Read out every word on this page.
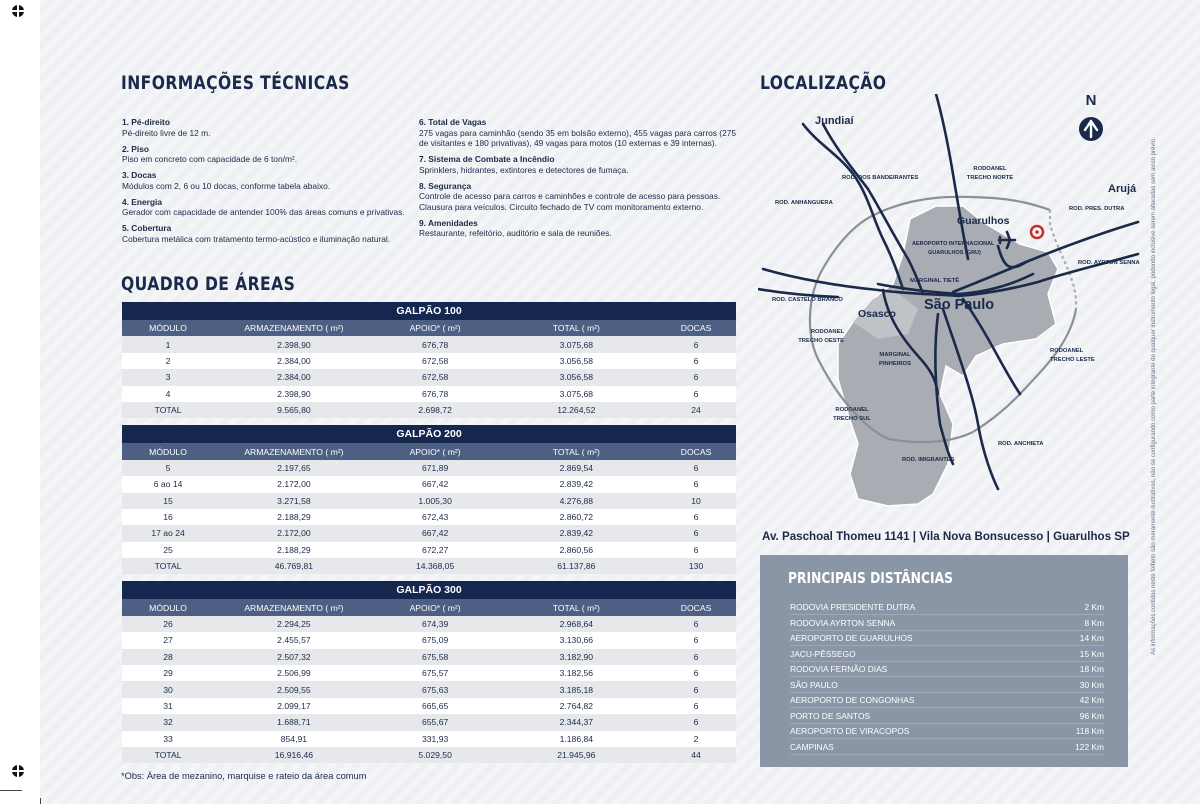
INFORMAÇÕES TÉCNICAS
1. Pé-direito
Pé-direito livre de 12 m.
2. Piso
Piso em concreto com capacidade de 6 ton/m².
3. Docas
Módulos com 2, 6 ou 10 docas, conforme tabela abaixo.
4. Energia
Gerador com capacidade de antender 100% das áreas comuns e privativas.
5. Cobertura
Cobertura metálica com tratamento termo-acústico e iluminação natural.
6. Total de Vagas
275 vagas para caminhão (sendo 35 em bolsão externo), 455 vagas para carros (275 de visitantes e 180 privativas), 49 vagas para motos (10 externas e 39 internas).
7. Sistema de Combate a Incêndio
Sprinklers, hidrantes, extintores e detectores de fumaça.
8. Segurança
Controle de acesso para carros e caminhões e controle de acesso para pessoas. Clausura para veículos. Circuito fechado de TV com monitoramento externo.
9. Amenidades
Restaurante, refeitório, auditório e sala de reuniões.
QUADRO DE ÁREAS
GALPÃO 100				
MÓDULO	ARMAZENAMENTO ( m²)	APOIO* ( m²)	TOTAL ( m²)	DOCAS
1	2.398,90	676,78	3.075,68	6
2	2.384,00	672,58	3.056,58	6
3	2.384,00	672,58	3.056,58	6
4	2.398,90	676,78	3.075,68	6
TOTAL	9.565,80	2.698,72	12.264,52	24

GALPÃO 200				
MÓDULO	ARMAZENAMENTO ( m²)	APOIO* ( m²)	TOTAL ( m²)	DOCAS
5	2.197,65	671,89	2.869,54	6
6 ao 14	2.172,00	667,42	2.839,42	6
15	3.271,58	1.005,30	4.276,88	10
16	2.188,29	672,43	2.860,72	6
17 ao 24	2.172,00	667,42	2.839,42	6
25	2.188,29	672,27	2.860,56	6
TOTAL	46.769,81	14.368,05	61.137,86	130

GALPÃO 300				
MÓDULO	ARMAZENAMENTO ( m²)	APOIO* ( m²)	TOTAL ( m²)	DOCAS
26	2.294,25	674,39	2.968,64	6
27	2.455,57	675,09	3.130,66	6
28	2.507,32	675,58	3.182,90	6
29	2.506,99	675,57	3.182,56	6
30	2.509,55	675,63	3.185,18	6
31	2.099,17	665,65	2.764,82	6
32	1.688,71	655,67	2.344,37	6
33	854,91	331,93	1.186,84	2
TOTAL	16.916,46	5.029,50	21.945,96	44
*Obs: Área de mezanino, marquise e rateio da área comum
LOCALIZAÇÃO
N
Jundiaí
Arujá
Guarulhos
São Paulo
Osasco
ROD. DOS BANDEIRANTES
ROD. ANHANGUERA
RODOANEL
TRECHO NORTE
ROD. PRES. DUTRA
AEROPORTO INTERNACIONAL
GUARULHOS (GRU)
ROD. AYRTON SENNA
MARGINAL TIETÊ
ROD. CASTELO BRANCO
RODOANEL
TRECHO OESTE
MARGINAL
PINHEIROS
RODOANEL
TRECHO LESTE
RODOANEL
TRECHO SUL
ROD. ANCHIETA
ROD. IMIGRANTES
Av. Paschoal Thomeu 1141 | Vila Nova Bonsucesso | Guarulhos SP
PRINCIPAIS DISTÂNCIAS
RODOVIA PRESIDENTE DUTRA	2 Km
RODOVIA AYRTON SENNA	8 Km
AEROPORTO DE GUARULHOS	14 Km
JACU-PÊSSEGO	15 Km
RODOVIA FERNÃO DIAS	18 Km
SÃO PAULO	30 Km
AEROPORTO DE CONGONHAS	42 Km
PORTO DE SANTOS	96 Km
AEROPORTO DE VIRACOPOS	118 Km
CAMPINAS	122 Km
As informações contidas neste folheto são meramente ilustrativas, não se configurando como parte integrante de qualquer instrumento legal, podendo inclusive serem alteradas sem aviso prévio.
